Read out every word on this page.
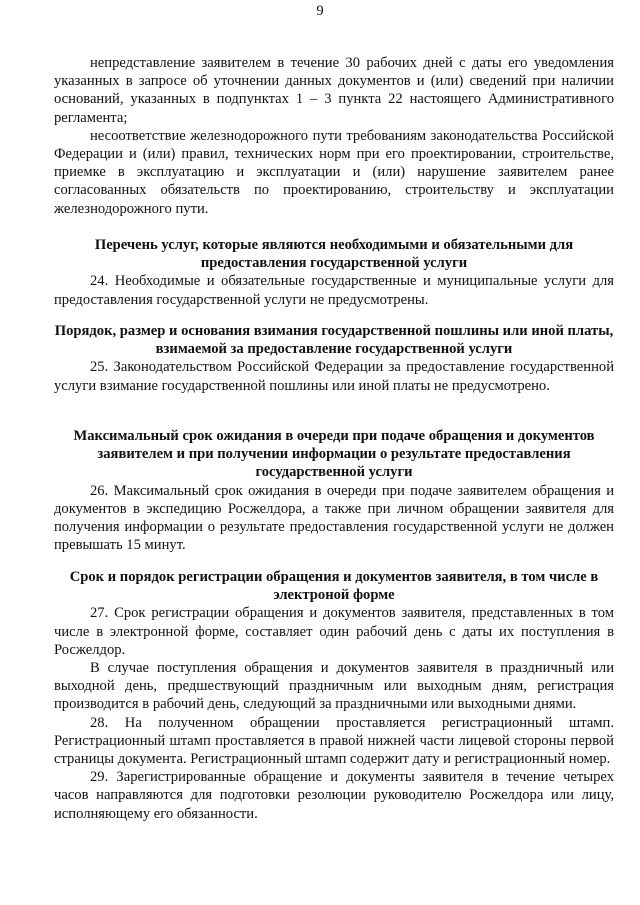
9

непредставление заявителем в течение 30 рабочих дней с даты его уведомления указанных в запросе об уточнении данных документов и (или) сведений при наличии оснований, указанных в подпунктах 1 – 3 пункта 22 настоящего Административного регламента;

несоответствие железнодорожного пути требованиям законодательства Российской Федерации и (или) правил, технических норм при его проектировании, строительстве, приемке в эксплуатацию и эксплуатации и (или) нарушение заявителем ранее согласованных обязательств по проектированию, строительству и эксплуатации железнодорожного пути.

Перечень услуг, которые являются необходимыми и обязательными для предоставления государственной услуги

24. Необходимые и обязательные государственные и муниципальные услуги для предоставления государственной услуги не предусмотрены.

Порядок, размер и основания взимания государственной пошлины или иной платы, взимаемой за предоставление государственной услуги

25. Законодательством Российской Федерации за предоставление государственной услуги взимание государственной пошлины или иной платы не предусмотрено.

Максимальный срок ожидания в очереди при подаче обращения и документов заявителем и при получении информации о результате предоставления государственной услуги

26. Максимальный срок ожидания в очереди при подаче заявителем обращения и документов в экспедицию Росжелдора, а также при личном обращении заявителя для получения информации о результате предоставления государственной услуги не должен превышать 15 минут.

Срок и порядок регистрации обращения и документов заявителя, в том числе в электроной форме

27. Срок регистрации обращения и документов заявителя, представленных в том числе в электронной форме, составляет один рабочий день с даты их поступления в Росжелдор.

В случае поступления обращения и документов заявителя в праздничный или выходной день, предшествующий праздничным или выходным дням, регистрация производится в рабочий день, следующий за праздничными или выходными днями.

28. На полученном обращении проставляется регистрационный штамп. Регистрационный штамп проставляется в правой нижней части лицевой стороны первой страницы документа. Регистрационный штамп содержит дату и регистрационный номер.

29. Зарегистрированные обращение и документы заявителя в течение четырех часов направляются для подготовки резолюции руководителю Росжелдора или лицу, исполняющему его обязанности.
